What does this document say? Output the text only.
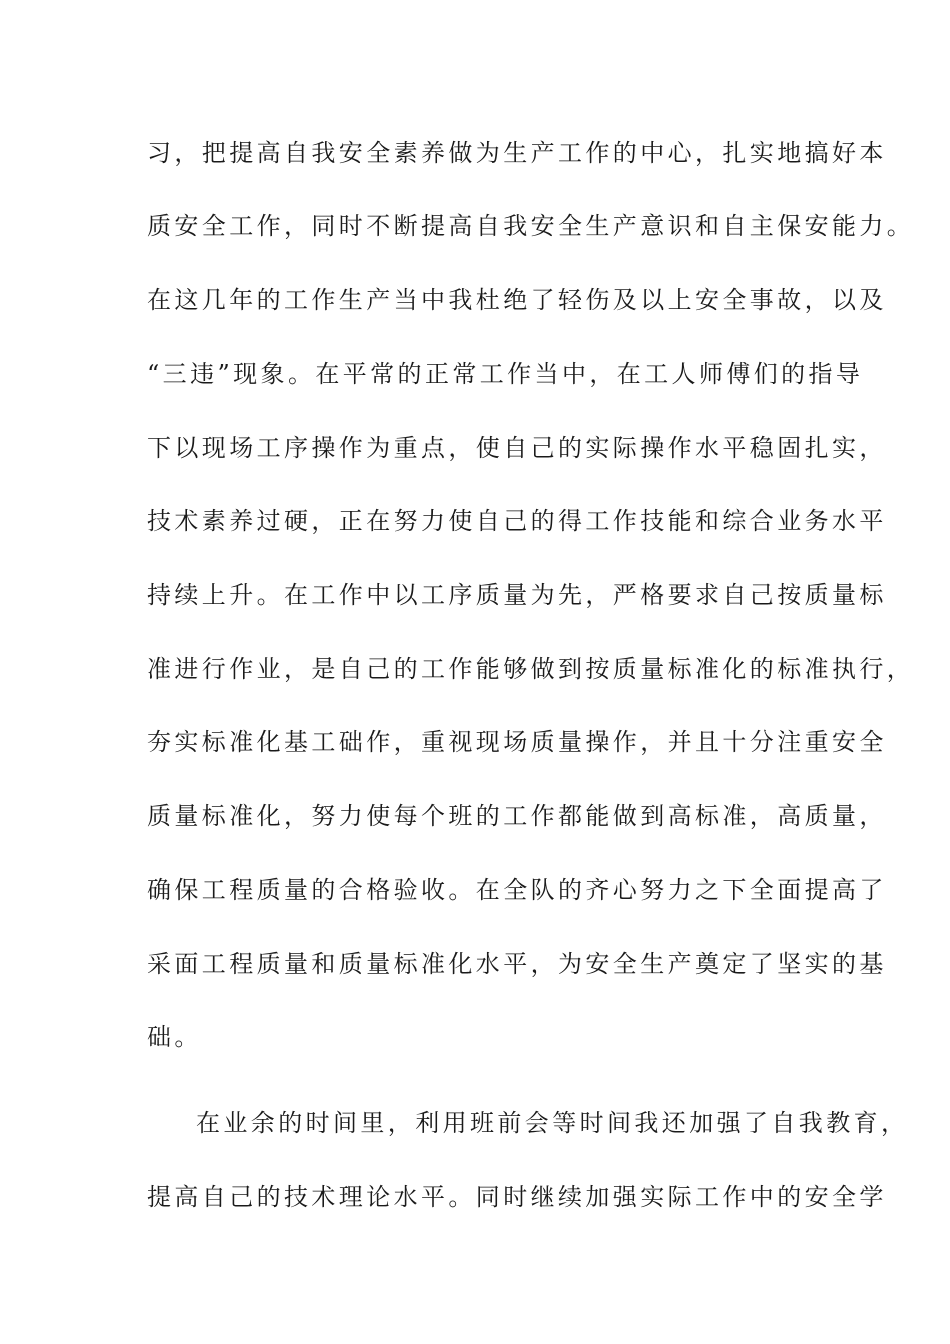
习，把提高自我安全素养做为生产工作的中心，扎实地搞好本
质安全工作，同时不断提高自我安全生产意识和自主保安能力。
在这几年的工作生产当中我杜绝了轻伤及以上安全事故，以及
“三违”现象。在平常的正常工作当中，在工人师傅们的指导
下以现场工序操作为重点，使自己的实际操作水平稳固扎实，
技术素养过硬，正在努力使自己的得工作技能和综合业务水平
持续上升。在工作中以工序质量为先，严格要求自己按质量标
准进行作业，是自己的工作能够做到按质量标准化的标准执行，
夯实标准化基工础作，重视现场质量操作，并且十分注重安全
质量标准化，努力使每个班的工作都能做到高标准，高质量，
确保工程质量的合格验收。在全队的齐心努力之下全面提高了
采面工程质量和质量标准化水平，为安全生产奠定了坚实的基
础。
在业余的时间里，利用班前会等时间我还加强了自我教育，
提高自己的技术理论水平。同时继续加强实际工作中的安全学
